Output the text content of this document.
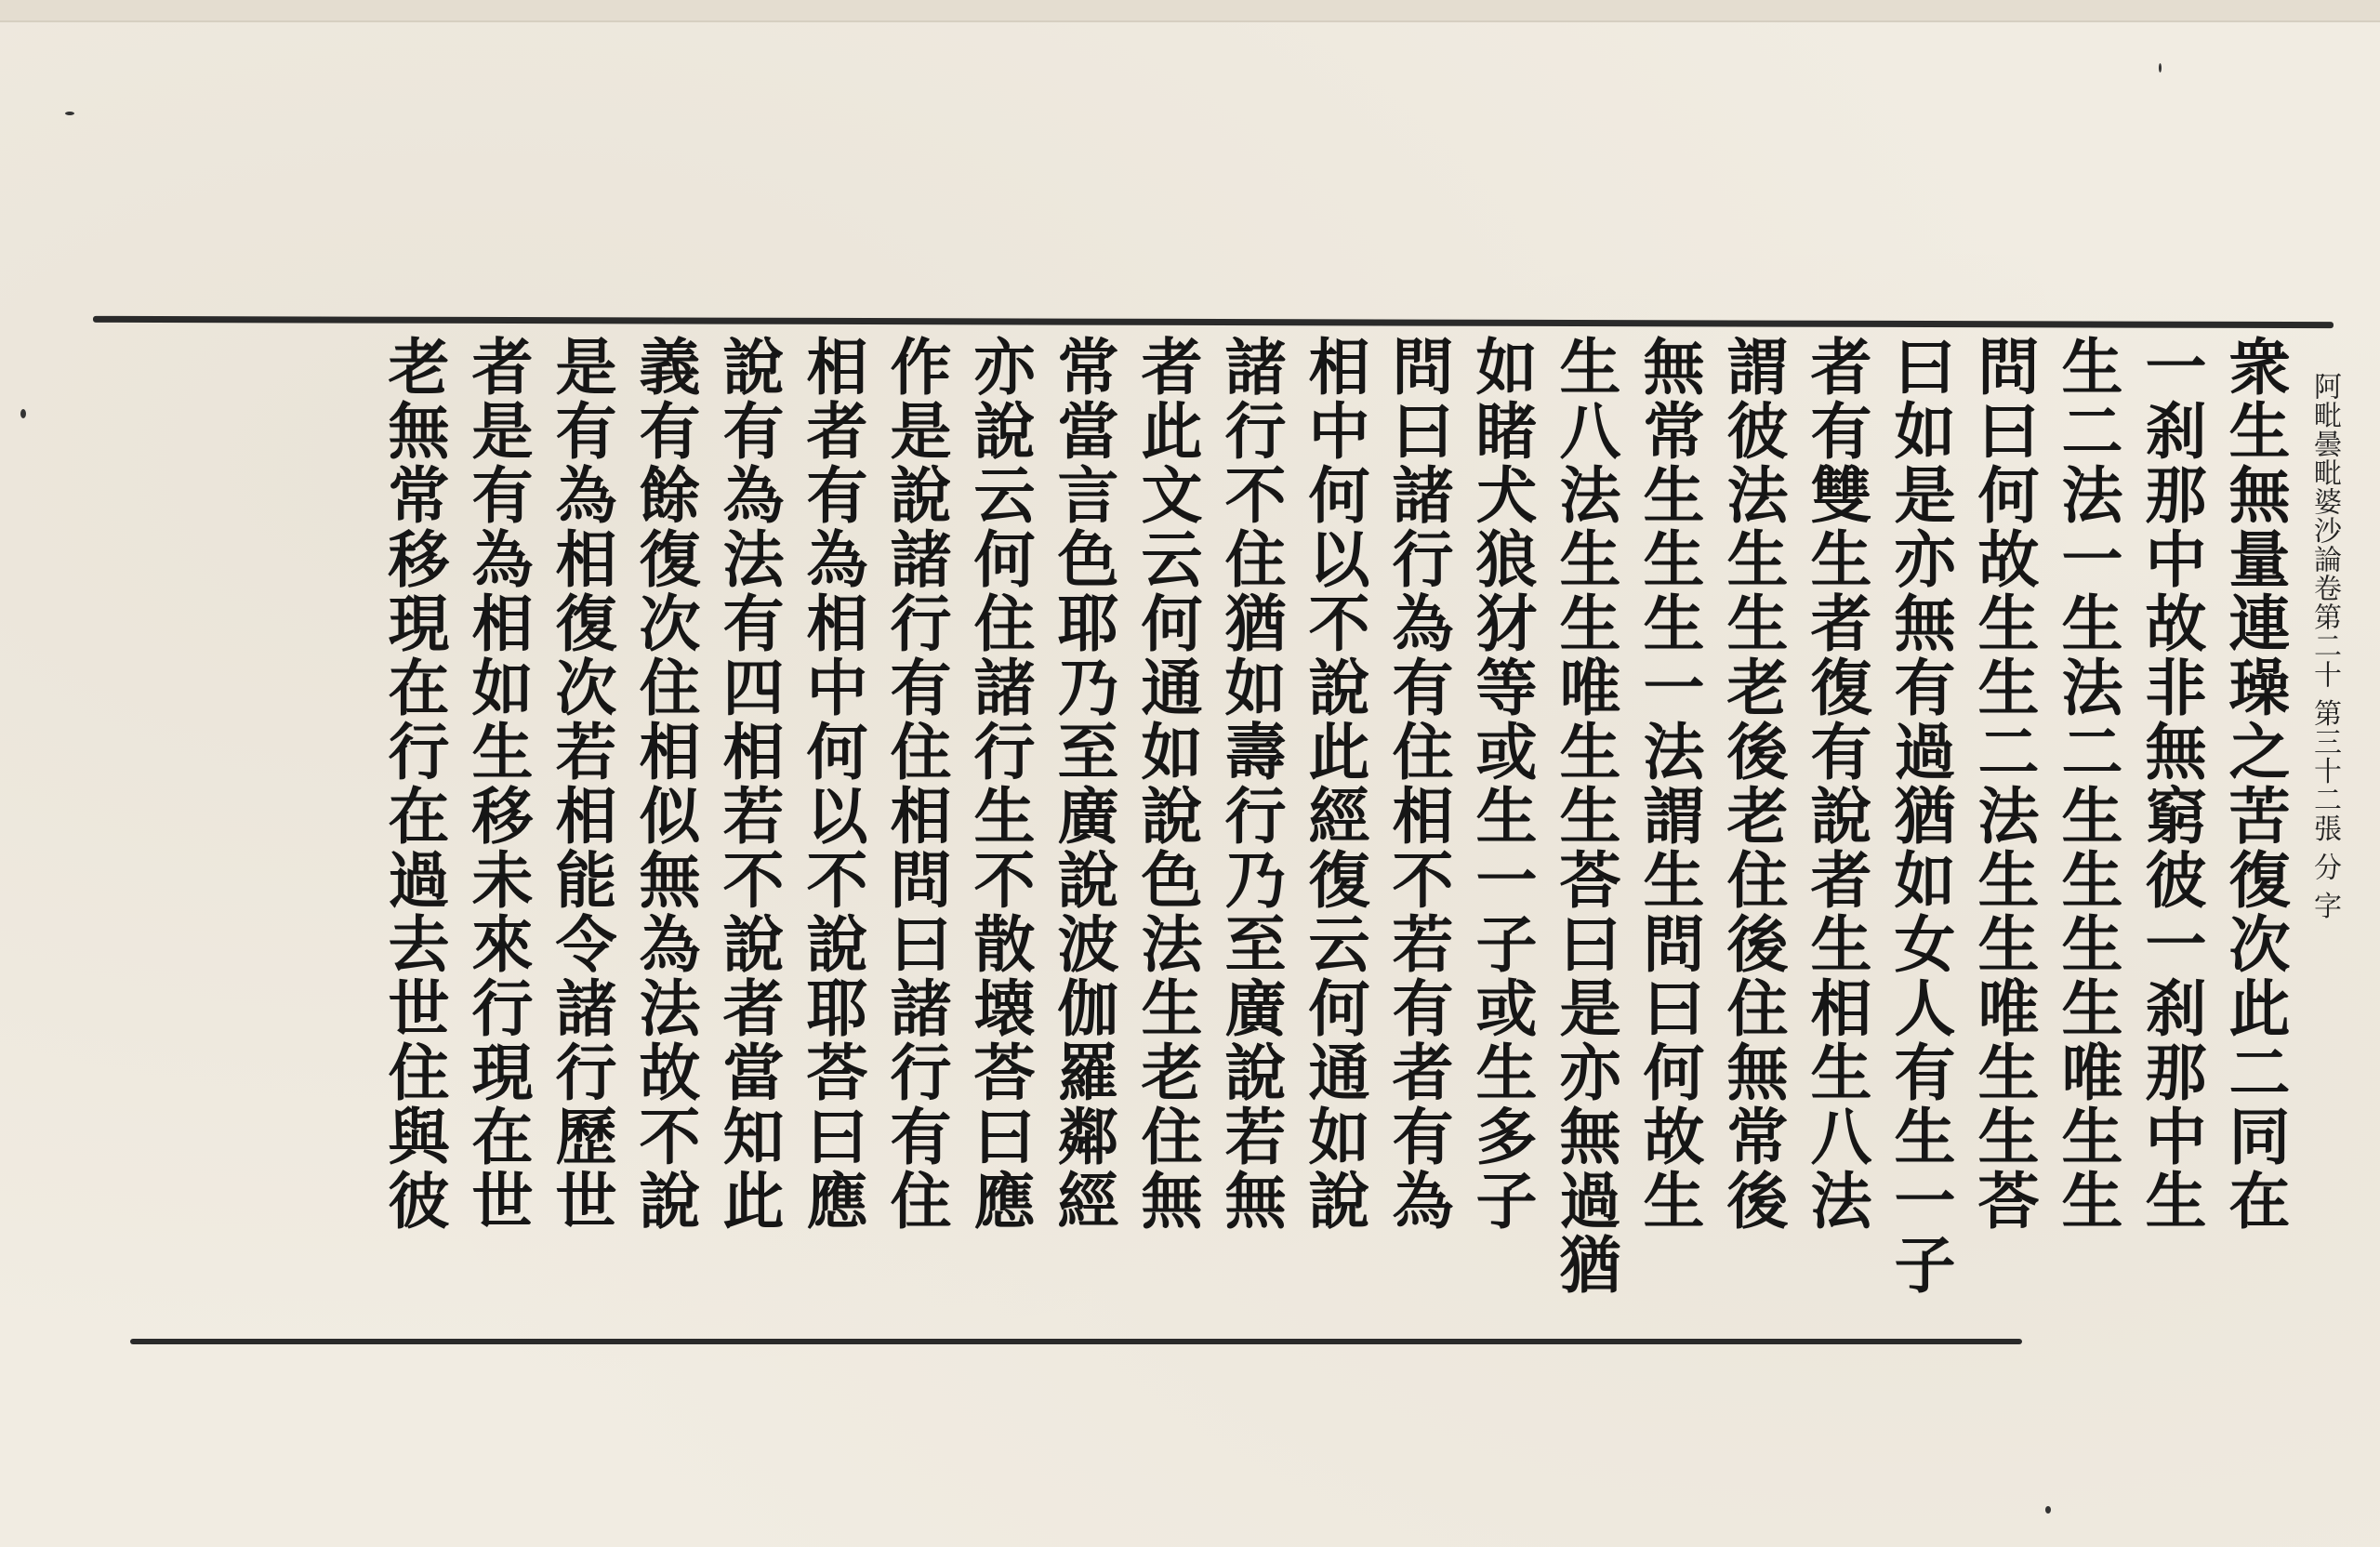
阿毗曇毗婆沙論卷第二十 第三十二張 分 字
衆生無量連璪之苦復次此二同在
一刹那中故非無窮彼一刹那中生
生二法一生法二生生生生唯生生
問曰何故生生二法生生唯生生荅
曰如是亦無有過猶如女人有生一子
者有雙生者復有說者生相生八法
謂彼法生生老後老住後住無常後
無常生生生一法謂生問曰何故生
生八法生生唯生生荅曰是亦無過猶
如睹犬狼犲等或生一子或生多子
問曰諸行為有住相不若有者有為
相中何以不說此經復云何通如說
諸行不住猶如壽行乃至廣說若無
者此文云何通如說色法生老住無
常當言色耶乃至廣說波伽羅鄰經
亦說云何住諸行生不散壊荅曰應
作是說諸行有住相問曰諸行有住
相者有為相中何以不說耶荅曰應
說有為法有四相若不說者當知此
義有餘復次住相似無為法故不說
是有為相復次若相能令諸行歷世
者是有為相如生移未來行現在世
老無常移現在行在過去世住與彼
